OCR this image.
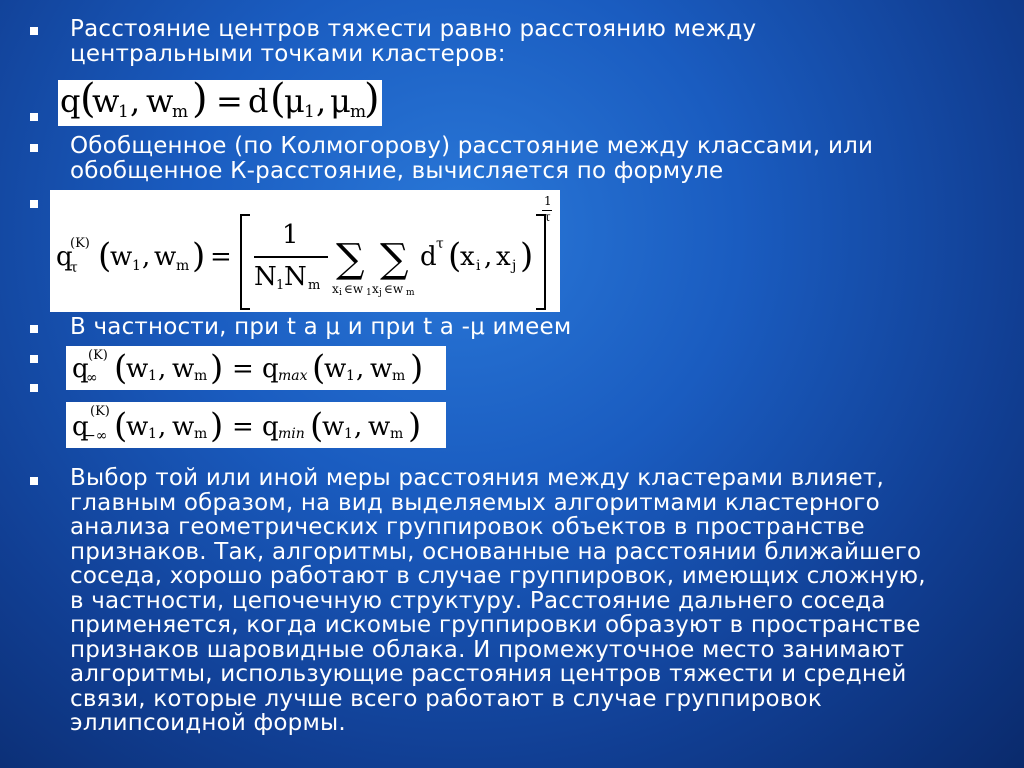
Расстояние центров тяжести равно расстоянию между
центральными точками кластеров:
q (
w
1 , w
m ) = d (
μ 1 , μ m
)
Обобщенное (по Колмогорову) расстояние между классами, или
обобщенное К-расстояние, вычисляется по формуле
q
(K)
τ (
w 1 , w m ) =
1
N 1 N m
∑
x i ∈w 1
∑
x j ∈w m
d τ (
x i , x j )
1
τ
В частности, при t а μ и при t а -μ имеем
q (K)
∞ (
w 1 , w m ) = q max (
w 1 , w m )
q
(K)
−∞ (
w 1 , w m ) = q min (
w 1 , w m )
Выбор той или иной меры расстояния между кластерами влияет,
главным образом, на вид выделяемых алгоритмами кластерного
анализа геометрических группировок объектов в пространстве
признаков. Так, алгоритмы, основанные на расстоянии ближайшего
соседа, хорошо работают в случае группировок, имеющих сложную,
в частности, цепочечную структуру. Расстояние дальнего соседа
применяется, когда искомые группировки образуют в пространстве
признаков шаровидные облака. И промежуточное место занимают
алгоритмы, использующие расстояния центров тяжести и средней
связи, которые лучше всего работают в случае группировок
эллипсоидной формы.
